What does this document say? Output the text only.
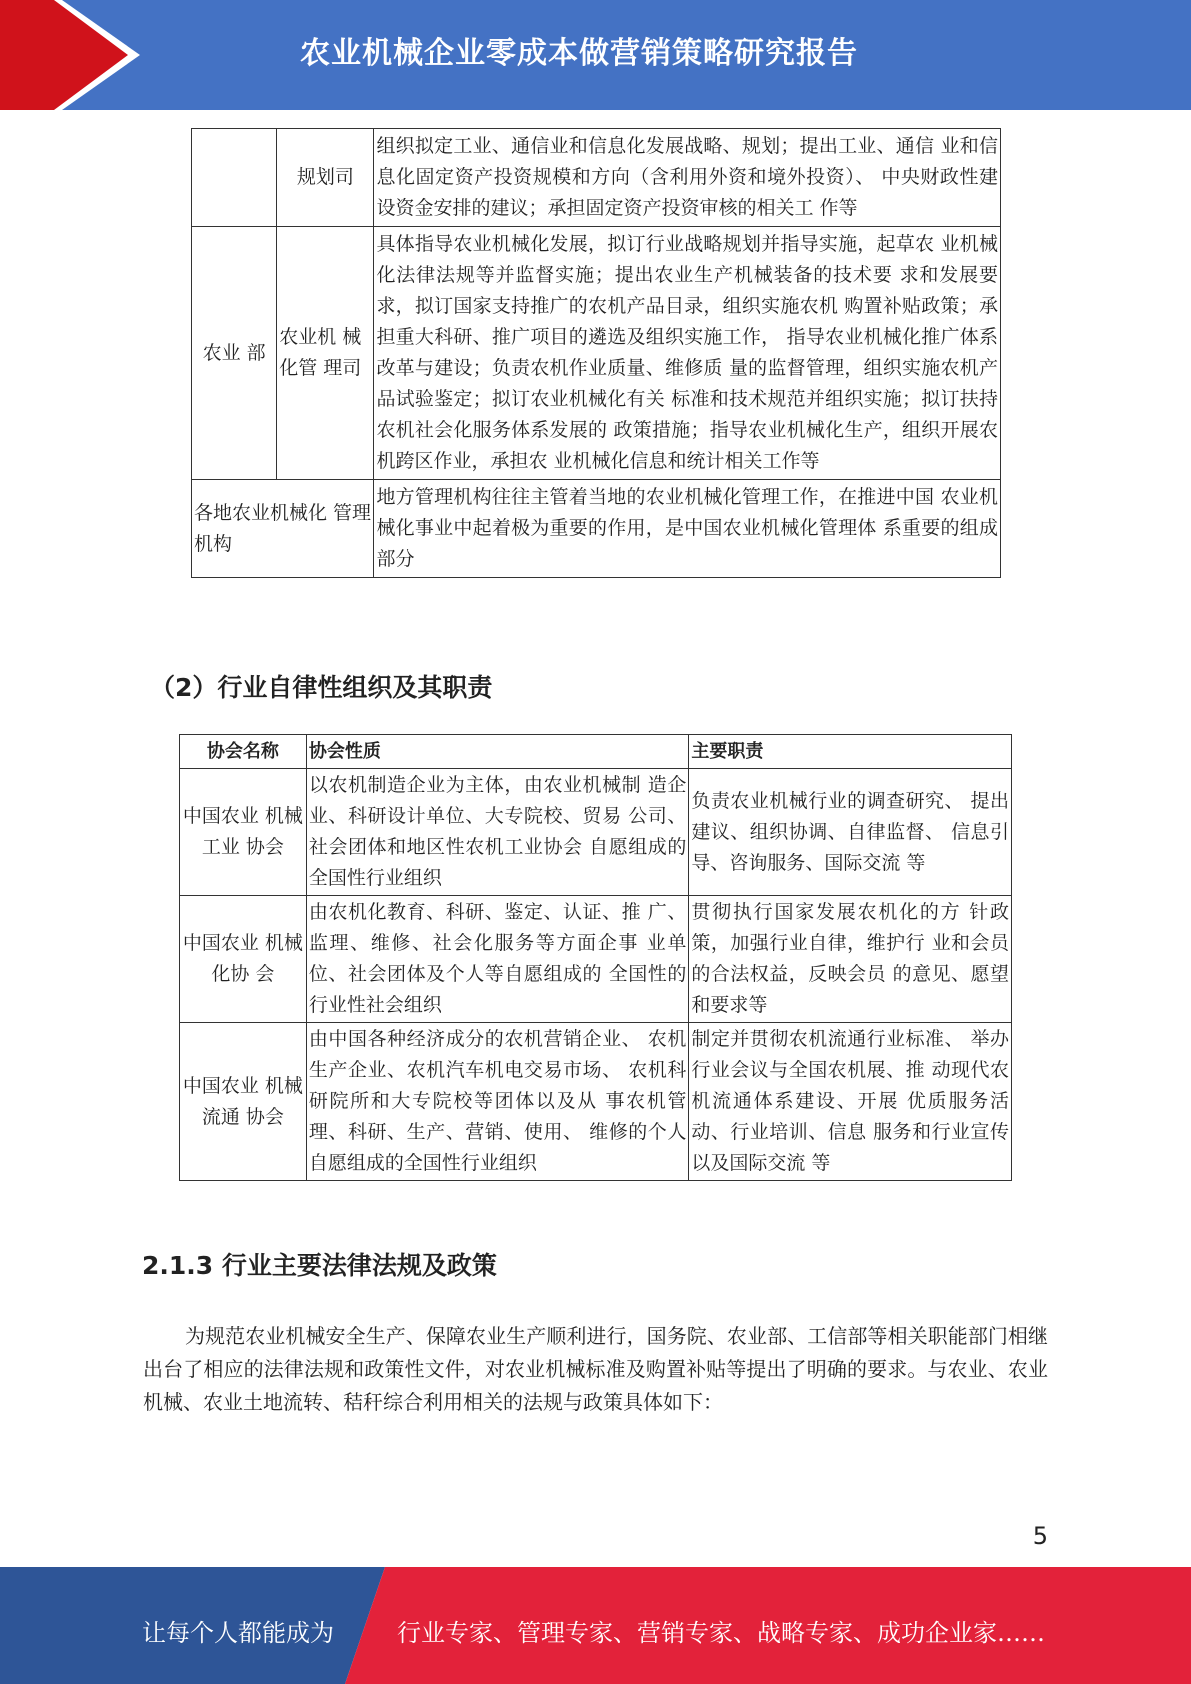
农业机械企业零成本做营销策略研究报告
	规划司	组织拟定工业、通信业和信息化发展战略、规划；提出工业、通信 业和信息化固定资产投资规模和方向（含利用外资和境外投资）、 中央财政性建设资金安排的建议；承担固定资产投资审核的相关工 作等
农业 部	农业机 械化管 理司	具体指导农业机械化发展，拟订行业战略规划并指导实施，起草农 业机械化法律法规等并监督实施；提出农业生产机械装备的技术要 求和发展要求，拟订国家支持推广的农机产品目录，组织实施农机 购置补贴政策；承担重大科研、推广项目的遴选及组织实施工作， 指导农业机械化推广体系改革与建设；负责农机作业质量、维修质 量的监督管理，组织实施农机产品试验鉴定；拟订农业机械化有关 标准和技术规范并组织实施；拟订扶持农机社会化服务体系发展的 政策措施；指导农业机械化生产，组织开展农机跨区作业，承担农 业机械化信息和统计相关工作等
各地农业机械化 管理机构		地方管理机构往往主管着当地的农业机械化管理工作，在推进中国 农业机械化事业中起着极为重要的作用，是中国农业机械化管理体 系重要的组成部分
（2）行业自律性组织及其职责
协会名称	协会性质	主要职责
中国农业 机械工业 协会	以农机制造企业为主体，由农业机械制 造企业、科研设计单位、大专院校、贸易 公司、社会团体和地区性农机工业协会 自愿组成的全国性行业组织	负责农业机械行业的调查研究、 提出建议、组织协调、自律监督、 信息引导、咨询服务、国际交流 等
中国农业 机械化协 会	由农机化教育、科研、鉴定、认证、推 广、监理、维修、社会化服务等方面企事 业单位、社会团体及个人等自愿组成的 全国性的行业性社会组织	贯彻执行国家发展农机化的方 针政策，加强行业自律，维护行 业和会员的合法权益，反映会员 的意见、愿望和要求等
中国农业 机械流通 协会	由中国各种经济成分的农机营销企业、 农机生产企业、农机汽车机电交易市场、 农机科研院所和大专院校等团体以及从 事农机管理、科研、生产、营销、使用、 维修的个人自愿组成的全国性行业组织	制定并贯彻农机流通行业标准、 举办行业会议与全国农机展、推 动现代农机流通体系建设、开展 优质服务活动、行业培训、信息 服务和行业宣传以及国际交流 等
2.1.3 行业主要法律法规及政策
为规范农业机械安全生产、保障农业生产顺利进行，国务院、农业部、工信部等相关职能部门相继出台了相应的法律法规和政策性文件，对农业机械标准及购置补贴等提出了明确的要求。与农业、农业机械、农业土地流转、秸秆综合利用相关的法规与政策具体如下：
5
让每个人都能成为	行业专家、管理专家、营销专家、战略专家、成功企业家……
